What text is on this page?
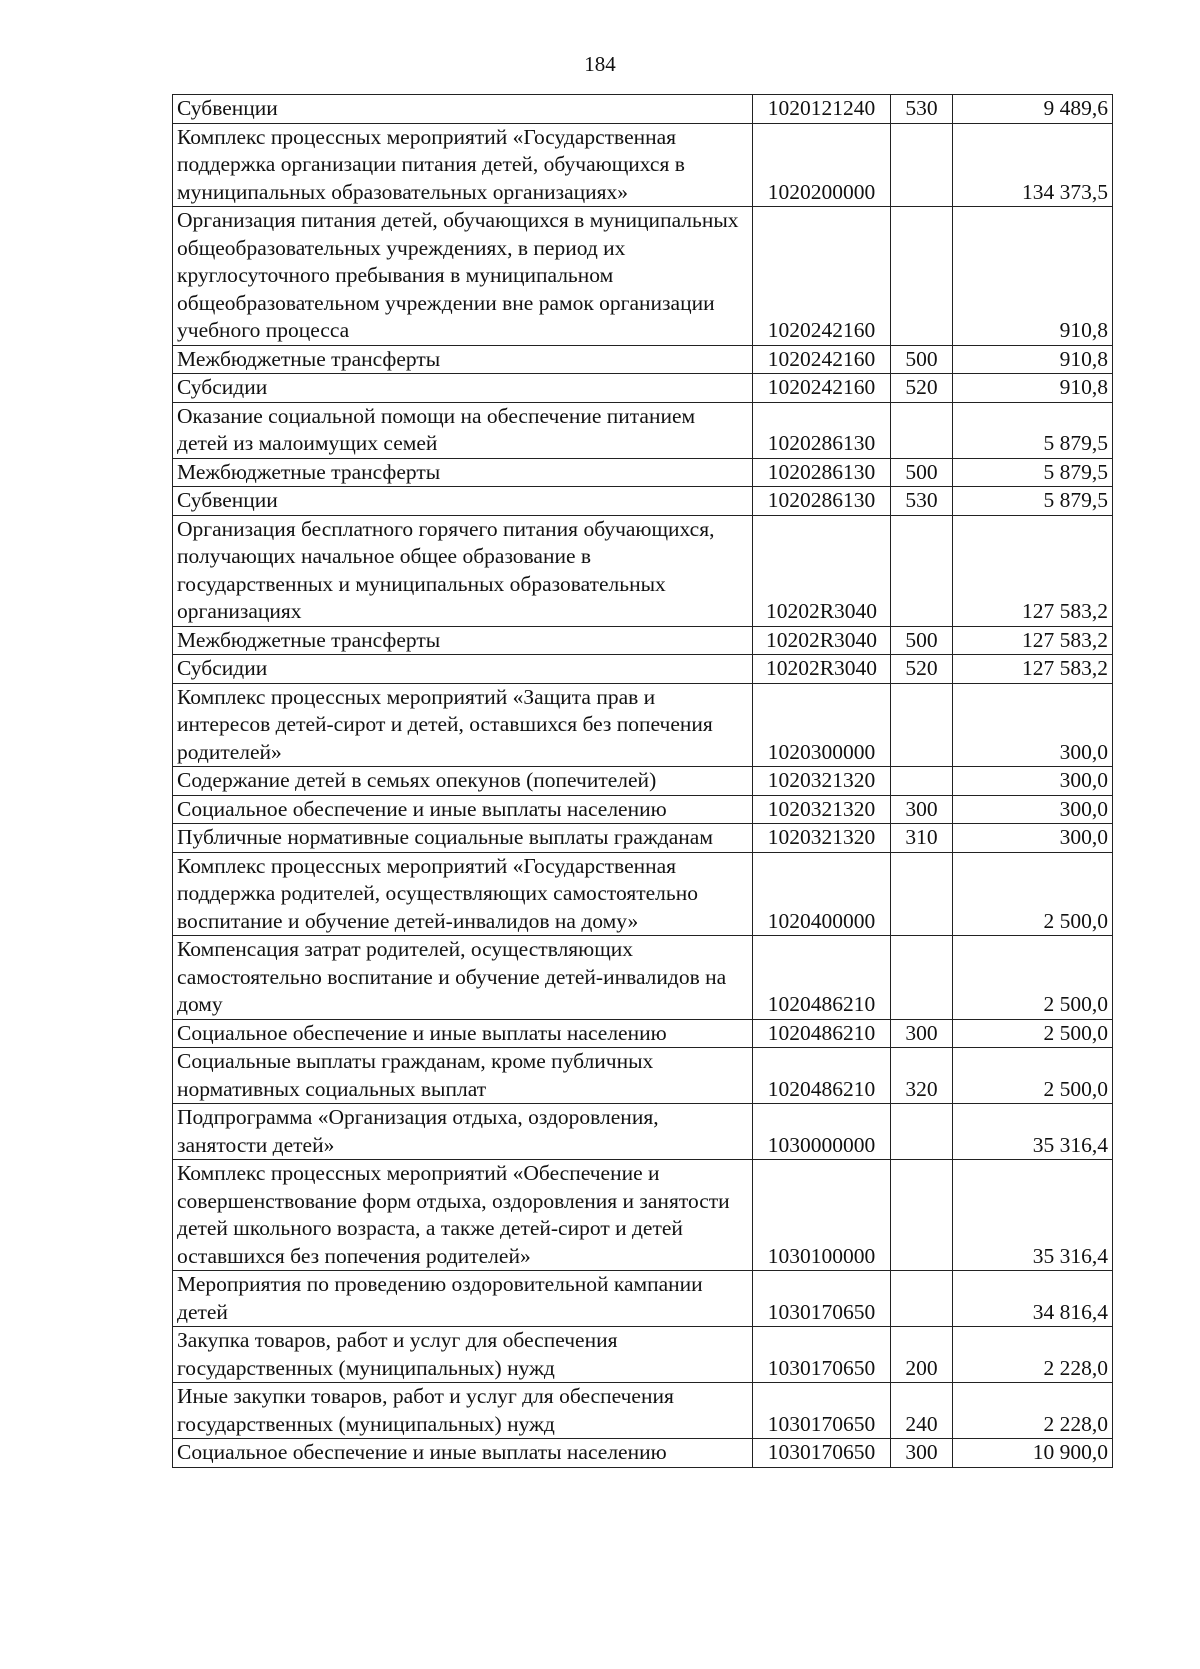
184
Субвенции	1020121240	530	9 489,6
Комплекс процессных мероприятий «Государственная поддержка организации питания детей, обучающихся в муниципальных образовательных организациях»	1020200000		134 373,5
Организация питания детей, обучающихся в муниципальных общеобразовательных учреждениях, в период их круглосуточного пребывания в муниципальном общеобразовательном учреждении вне рамок организации учебного процесса	1020242160		910,8
Межбюджетные трансферты	1020242160	500	910,8
Субсидии	1020242160	520	910,8
Оказание социальной помощи на обеспечение питанием детей из малоимущих семей	1020286130		5 879,5
Межбюджетные трансферты	1020286130	500	5 879,5
Субвенции	1020286130	530	5 879,5
Организация бесплатного горячего питания обучающихся, получающих начальное общее образование в государственных и муниципальных образовательных организациях	10202R3040		127 583,2
Межбюджетные трансферты	10202R3040	500	127 583,2
Субсидии	10202R3040	520	127 583,2
Комплекс процессных мероприятий «Защита прав и интересов детей-сирот и детей, оставшихся без попечения родителей»	1020300000		300,0
Содержание детей в семьях опекунов (попечителей)	1020321320		300,0
Социальное обеспечение и иные выплаты населению	1020321320	300	300,0
Публичные нормативные социальные выплаты гражданам	1020321320	310	300,0
Комплекс процессных мероприятий «Государственная поддержка родителей, осуществляющих самостоятельно воспитание и обучение детей-инвалидов на дому»	1020400000		2 500,0
Компенсация затрат родителей, осуществляющих самостоятельно воспитание и обучение детей-инвалидов на дому	1020486210		2 500,0
Социальное обеспечение и иные выплаты населению	1020486210	300	2 500,0
Социальные выплаты гражданам, кроме публичных нормативных социальных выплат	1020486210	320	2 500,0
Подпрограмма «Организация отдыха, оздоровления, занятости детей»	1030000000		35 316,4
Комплекс процессных мероприятий «Обеспечение и совершенствование форм отдыха, оздоровления и занятости детей школьного возраста, а также детей-сирот и детей оставшихся без попечения родителей»	1030100000		35 316,4
Мероприятия по проведению оздоровительной кампании детей	1030170650		34 816,4
Закупка товаров, работ и услуг для обеспечения государственных (муниципальных) нужд	1030170650	200	2 228,0
Иные закупки товаров, работ и услуг для обеспечения государственных (муниципальных) нужд	1030170650	240	2 228,0
Социальное обеспечение и иные выплаты населению	1030170650	300	10 900,0
